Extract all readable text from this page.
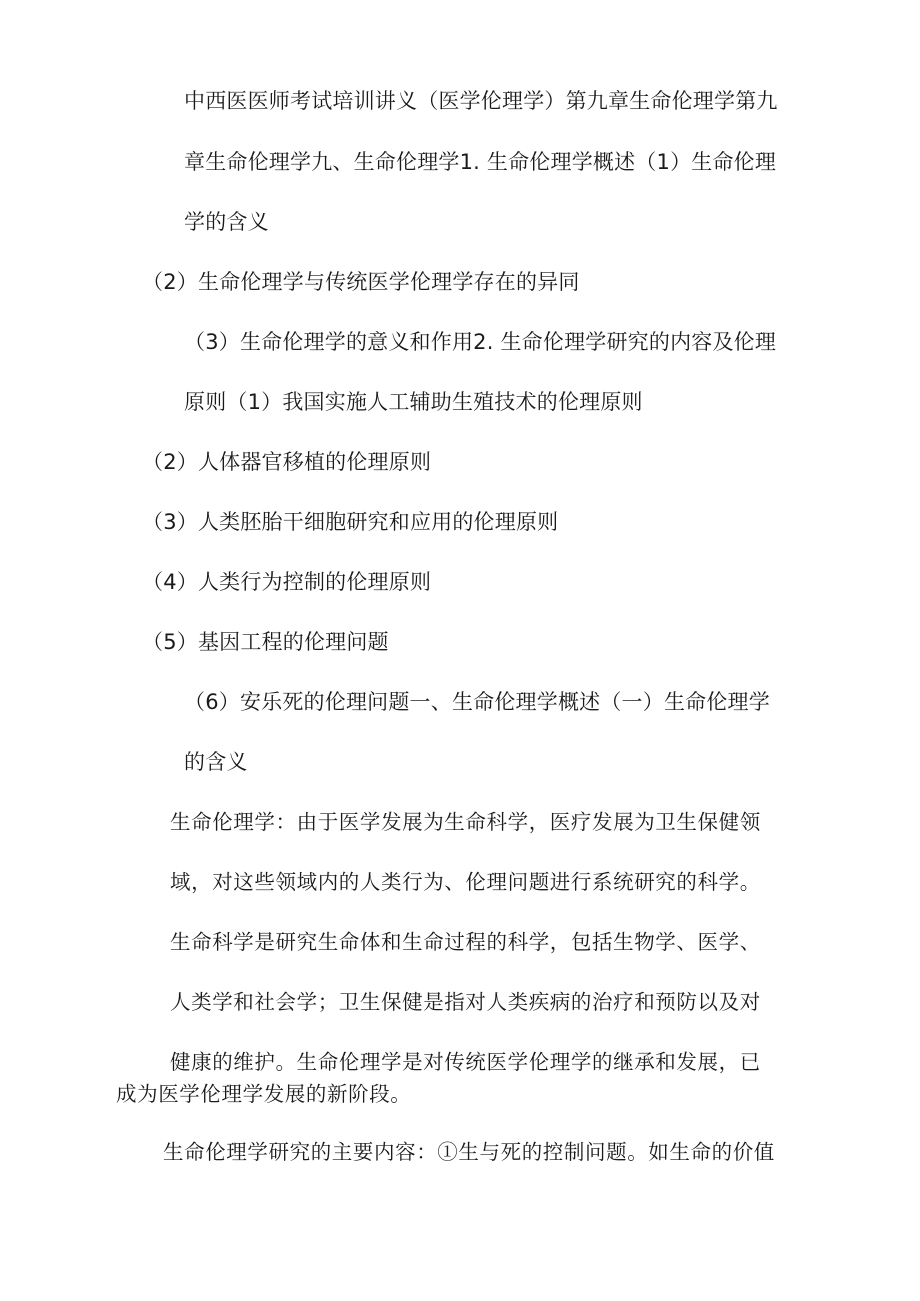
中西医医师考试培训讲义（医学伦理学）第九章生命伦理学第九
章生命伦理学九、生命伦理学1. 生命伦理学概述（1）生命伦理
学的含义
（2）生命伦理学与传统医学伦理学存在的异同
（3）生命伦理学的意义和作用2. 生命伦理学研究的内容及伦理
原则（1）我国实施人工辅助生殖技术的伦理原则
（2）人体器官移植的伦理原则
（3）人类胚胎干细胞研究和应用的伦理原则
（4）人类行为控制的伦理原则
（5）基因工程的伦理问题
（6）安乐死的伦理问题一、生命伦理学概述（一）生命伦理学
的含义
生命伦理学：由于医学发展为生命科学，医疗发展为卫生保健领
域，对这些领域内的人类行为、伦理问题进行系统研究的科学。
生命科学是研究生命体和生命过程的科学，包括生物学、医学、
人类学和社会学；卫生保健是指对人类疾病的治疗和预防以及对
健康的维护。生命伦理学是对传统医学伦理学的继承和发展，已
成为医学伦理学发展的新阶段。
生命伦理学研究的主要内容：①生与死的控制问题。如生命的价值
